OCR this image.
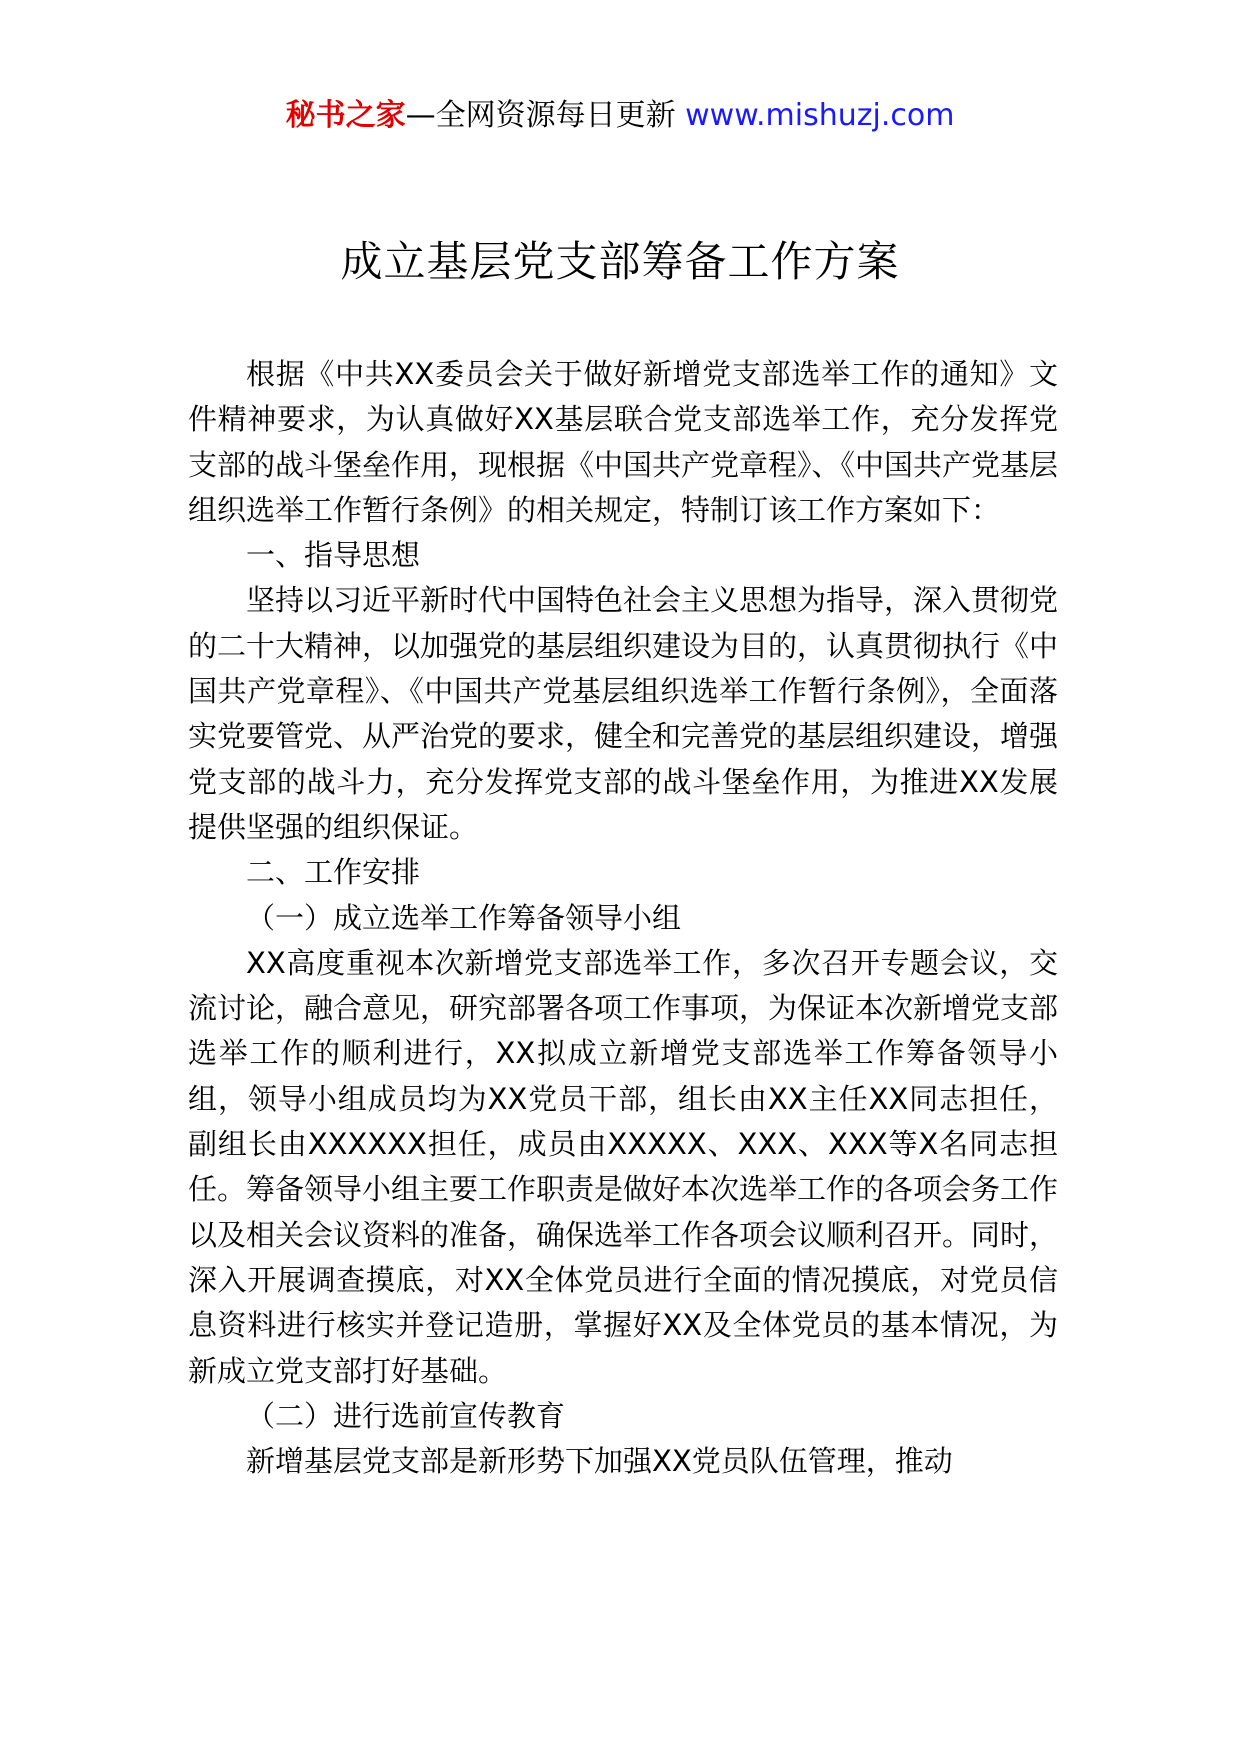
秘书之家—全网资源每日更新 www.mishuzj.com
成立基层党支部筹备工作方案

根据《中共XX委员会关于做好新增党支部选举工作的通知》文件精神要求，为认真做好XX基层联合党支部选举工作，充分发挥党支部的战斗堡垒作用，现根据《中国共产党章程》、《中国共产党基层组织选举工作暂行条例》的相关规定，特制订该工作方案如下：

一、指导思想

坚持以习近平新时代中国特色社会主义思想为指导，深入贯彻党的二十大精神，以加强党的基层组织建设为目的，认真贯彻执行《中国共产党章程》、《中国共产党基层组织选举工作暂行条例》，全面落实党要管党、从严治党的要求，健全和完善党的基层组织建设，增强党支部的战斗力，充分发挥党支部的战斗堡垒作用，为推进XX发展提供坚强的组织保证。

二、工作安排

（一）成立选举工作筹备领导小组

XX高度重视本次新增党支部选举工作，多次召开专题会议，交流讨论，融合意见，研究部署各项工作事项，为保证本次新增党支部选举工作的顺利进行，XX拟成立新增党支部选举工作筹备领导小组，领导小组成员均为XX党员干部，组长由XX主任XX同志担任，副组长由XXXXXX担任，成员由XXXXX、XXX、XXX等X名同志担任。筹备领导小组主要工作职责是做好本次选举工作的各项会务工作以及相关会议资料的准备，确保选举工作各项会议顺利召开。同时，深入开展调查摸底，对XX全体党员进行全面的情况摸底，对党员信息资料进行核实并登记造册，掌握好XX及全体党员的基本情况，为新成立党支部打好基础。

（二）进行选前宣传教育

新增基层党支部是新形势下加强XX党员队伍管理，推动
